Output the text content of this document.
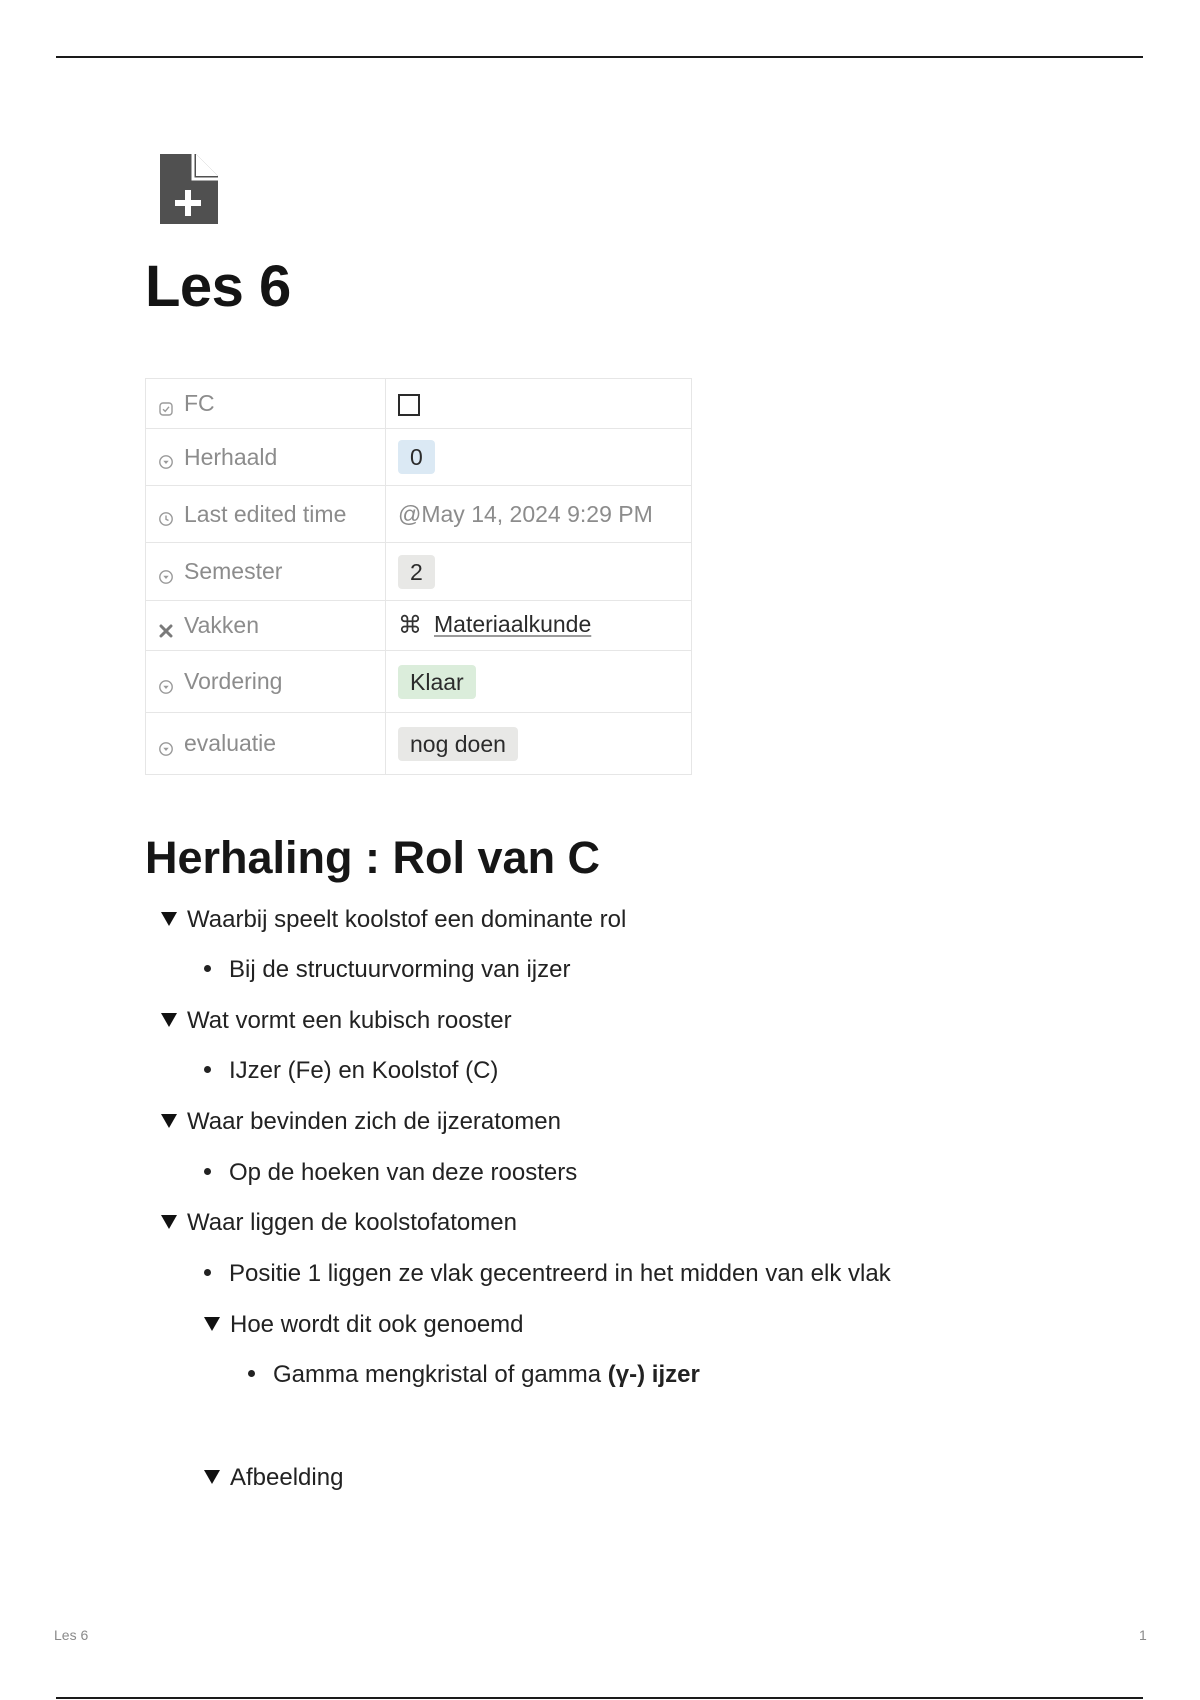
Les 6
FC	

Herhaald	0

Last edited time	@May 14, 2024 9:29 PM

Semester	2

Vakken	⌘ Materiaalkunde

Vordering	Klaar

evaluatie	nog doen
Herhaling : Rol van C
Waarbij speelt koolstof een dominante rol
Bij de structuurvorming van ijzer
Wat vormt een kubisch rooster
IJzer (Fe) en Koolstof (C)
Waar bevinden zich de ijzeratomen
Op de hoeken van deze roosters
Waar liggen de koolstofatomen
Positie 1 liggen ze vlak gecentreerd in het midden van elk vlak
Hoe wordt dit ook genoemd
Gamma mengkristal of gamma (γ-) ijzer
Afbeelding
Les 6	1
